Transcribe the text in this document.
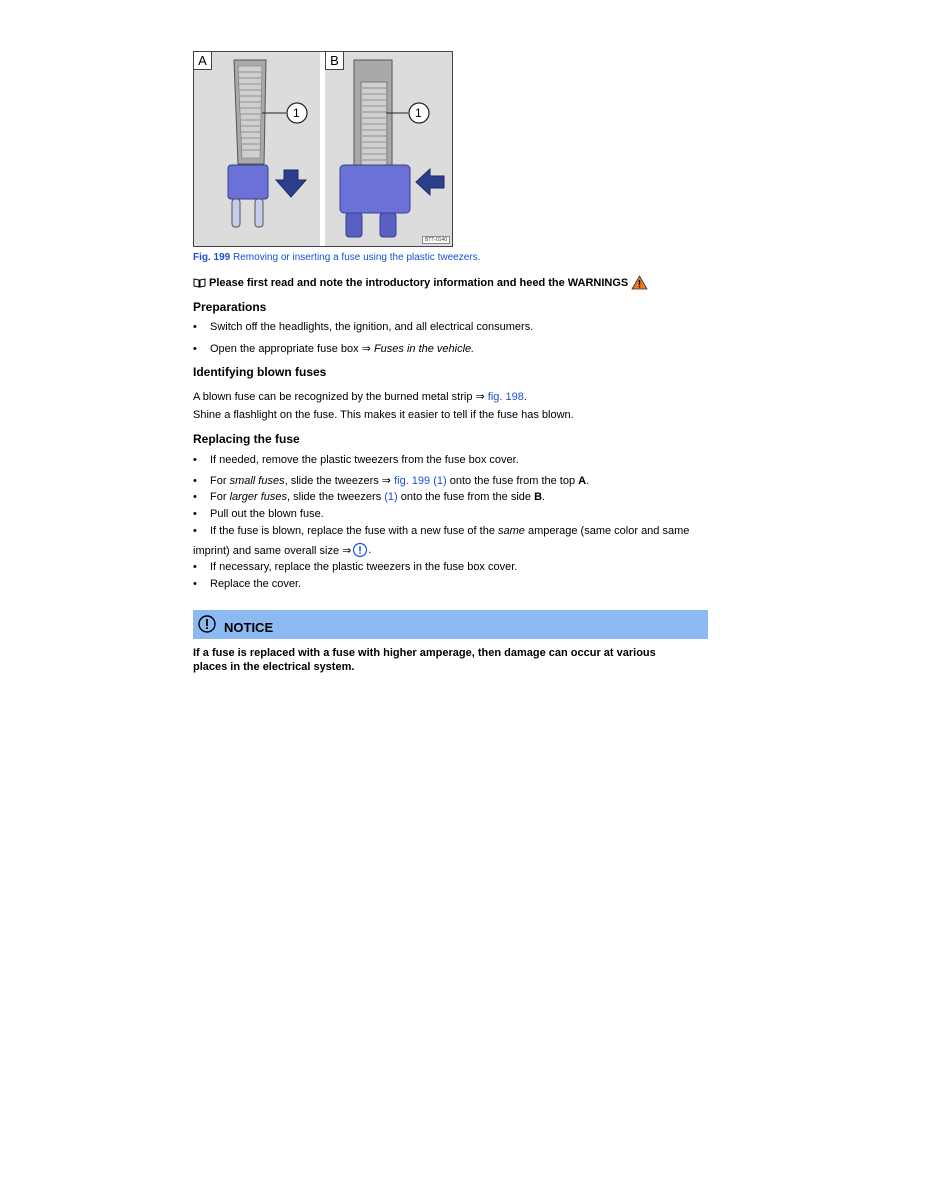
A	B
1	1
BTT-0140
Fig. 199 Removing or inserting a fuse using the plastic tweezers.
Please first read and note the introductory information and heed the WARNINGS
Preparations
• Switch off the headlights, the ignition, and all electrical consumers.
• Open the appropriate fuse box ⇒ Fuses in the vehicle.
Identifying blown fuses
A blown fuse can be recognized by the burned metal strip ⇒ fig. 198.
Shine a flashlight on the fuse. This makes it easier to tell if the fuse has blown.
Replacing the fuse
• If needed, remove the plastic tweezers from the fuse box cover.
• For small fuses, slide the tweezers ⇒ fig. 199 (1) onto the fuse from the top A.
• For larger fuses, slide the tweezers (1) onto the fuse from the side B.
• Pull out the blown fuse.
• If the fuse is blown, replace the fuse with a new fuse of the same amperage (same color and same
imprint) and same overall size ⇒ .
• If necessary, replace the plastic tweezers in the fuse box cover.
• Replace the cover.
NOTICE
If a fuse is replaced with a fuse with higher amperage, then damage can occur at various places in the electrical system.
